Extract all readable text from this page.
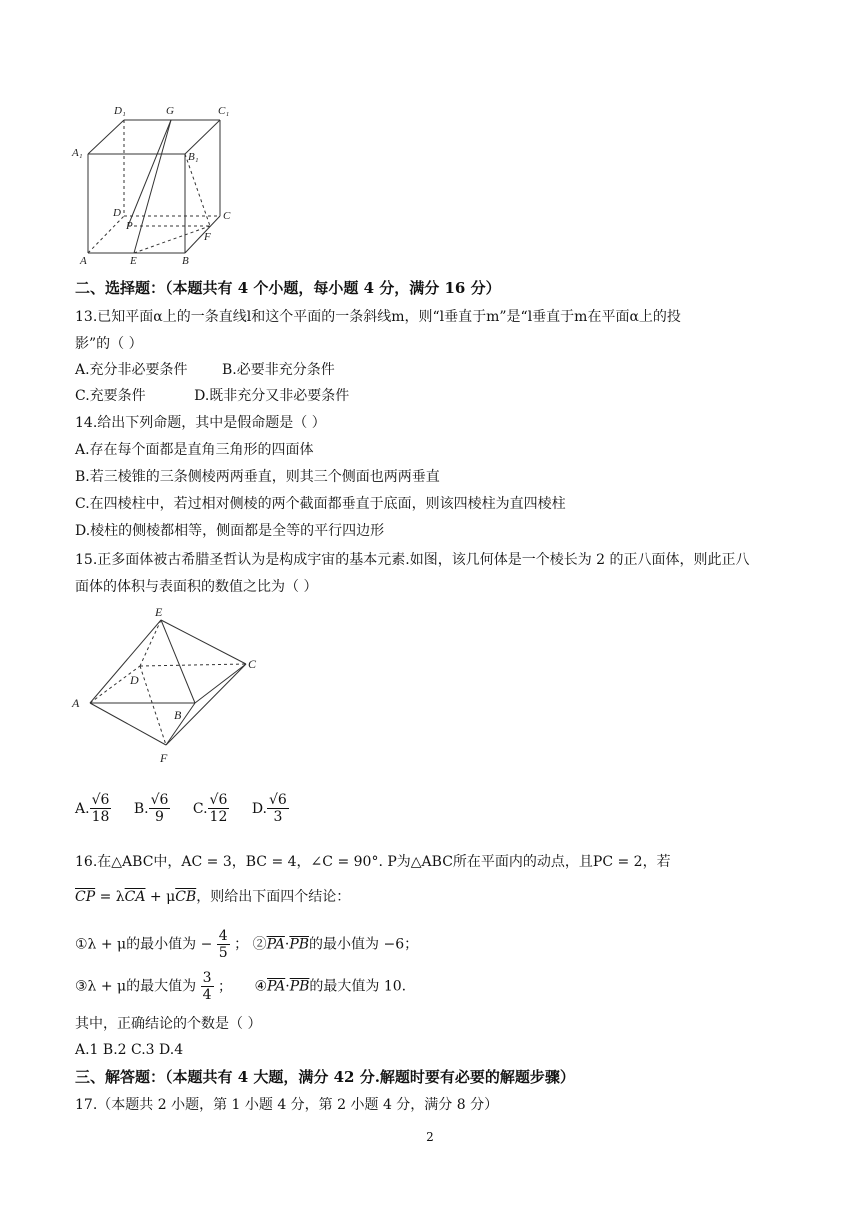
D₁	G	C₁
A₁	B₁
D
P
C
F
A	E	B
二、选择题：（本题共有 4 个小题，每小题 4 分，满分 16 分）
13.已知平面α上的一条直线l和这个平面的一条斜线m，则“l垂直于m”是“l垂直于m在平面α上的投
影”的（ ）
A.充分非必要条件 B.必要非充分条件
C.充要条件	D.既非充分又非必要条件
14.给出下列命题，其中是假命题是（ ）
A.存在每个面都是直角三角形的四面体
B.若三棱锥的三条侧棱两两垂直，则其三个侧面也两两垂直
C.在四棱柱中，若过相对侧棱的两个截面都垂直于底面，则该四棱柱为直四棱柱
D.棱柱的侧棱都相等，侧面都是全等的平行四边形
15.正多面体被古希腊圣哲认为是构成宇宙的基本元素.如图，该几何体是一个棱长为 2 的正八面体，则此正八
面体的体积与表面积的数值之比为（ ）
E
C
D
A
B
F
A. $\frac{√6}{18}$
B. $\frac{√6}{9}$
C. $\frac{√6}{12}$
D. $\frac{√6}{3}$
16.在△ABC中，AC = 3，BC = 4，∠C = 90°. P为△ABC所在平面内的动点，且PC = 2，若
$\overline{CP} = \lambda\overline{CA} + \mu\overline{CB}$，则给出下面四个结论：
①λ + μ的最小值为 − $\frac{4}{5}$ ； $②\overline{PA}\cdot\overline{PB}$的最小值为 −6；
③λ + μ的最大值为 $\frac{3}{4}$ ； $④\overline{PA}\cdot\overline{PB}$的最大值为 10.
其中，正确结论的个数是（ ）
A.1 B.2 C.3 D.4
三、解答题：（本题共有 4 大题，满分 42 分.解题时要有必要的解题步骤）
17.（本题共 2 小题，第 1 小题 4 分，第 2 小题 4 分，满分 8 分）
2
